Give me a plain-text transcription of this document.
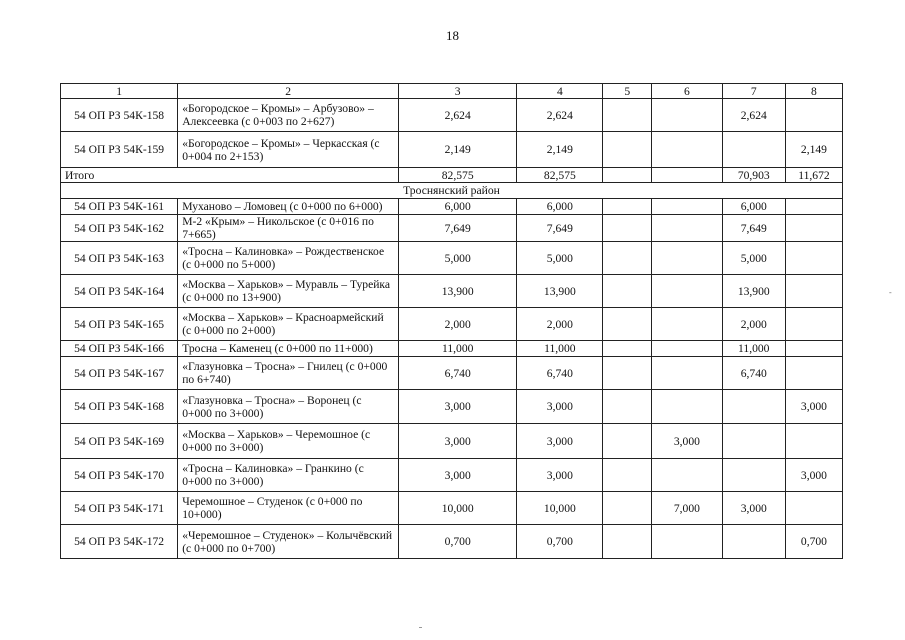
18
1	2	3	4	5	6	7	8
54 ОП РЗ 54К-158	«Богородское – Кромы» – Арбузово» – Алексеевка (с 0+003 по 2+627)	2,624	2,624			2,624	
54 ОП РЗ 54К-159	«Богородское – Кромы» – Черкасская (с 0+004 по 2+153)	2,149	2,149				2,149
Итого		82,575	82,575			70,903	11,672
Троснянский район							
54 ОП РЗ 54К-161	Муханово – Ломовец (с 0+000 по 6+000)	6,000	6,000			6,000	
54 ОП РЗ 54К-162	М-2 «Крым» – Никольское (с 0+016 по 7+665)	7,649	7,649			7,649	
54 ОП РЗ 54К-163	«Тросна – Калиновка» – Рождественское (с 0+000 по 5+000)	5,000	5,000			5,000	
54 ОП РЗ 54К-164	«Москва – Харьков» – Муравль – Турейка (с 0+000 по 13+900)	13,900	13,900			13,900	
54 ОП РЗ 54К-165	«Москва – Харьков» – Красноармейский (с 0+000 по 2+000)	2,000	2,000			2,000	
54 ОП РЗ 54К-166	Тросна – Каменец (с 0+000 по 11+000)	11,000	11,000			11,000	
54 ОП РЗ 54К-167	«Глазуновка – Тросна» – Гнилец (с 0+000 по 6+740)	6,740	6,740			6,740	
54 ОП РЗ 54К-168	«Глазуновка – Тросна» – Воронец (с 0+000 по 3+000)	3,000	3,000				3,000
54 ОП РЗ 54К-169	«Москва – Харьков» – Черемошное (с 0+000 по 3+000)	3,000	3,000		3,000		
54 ОП РЗ 54К-170	«Тросна – Калиновка» – Гранкино (с 0+000 по 3+000)	3,000	3,000				3,000
54 ОП РЗ 54К-171	Черемошное – Студенок (с 0+000 по 10+000)	10,000	10,000		7,000	3,000	
54 ОП РЗ 54К-172	«Черемошное – Студенок» – Колычёвский (с 0+000 по 0+700)	0,700	0,700				0,700
-
